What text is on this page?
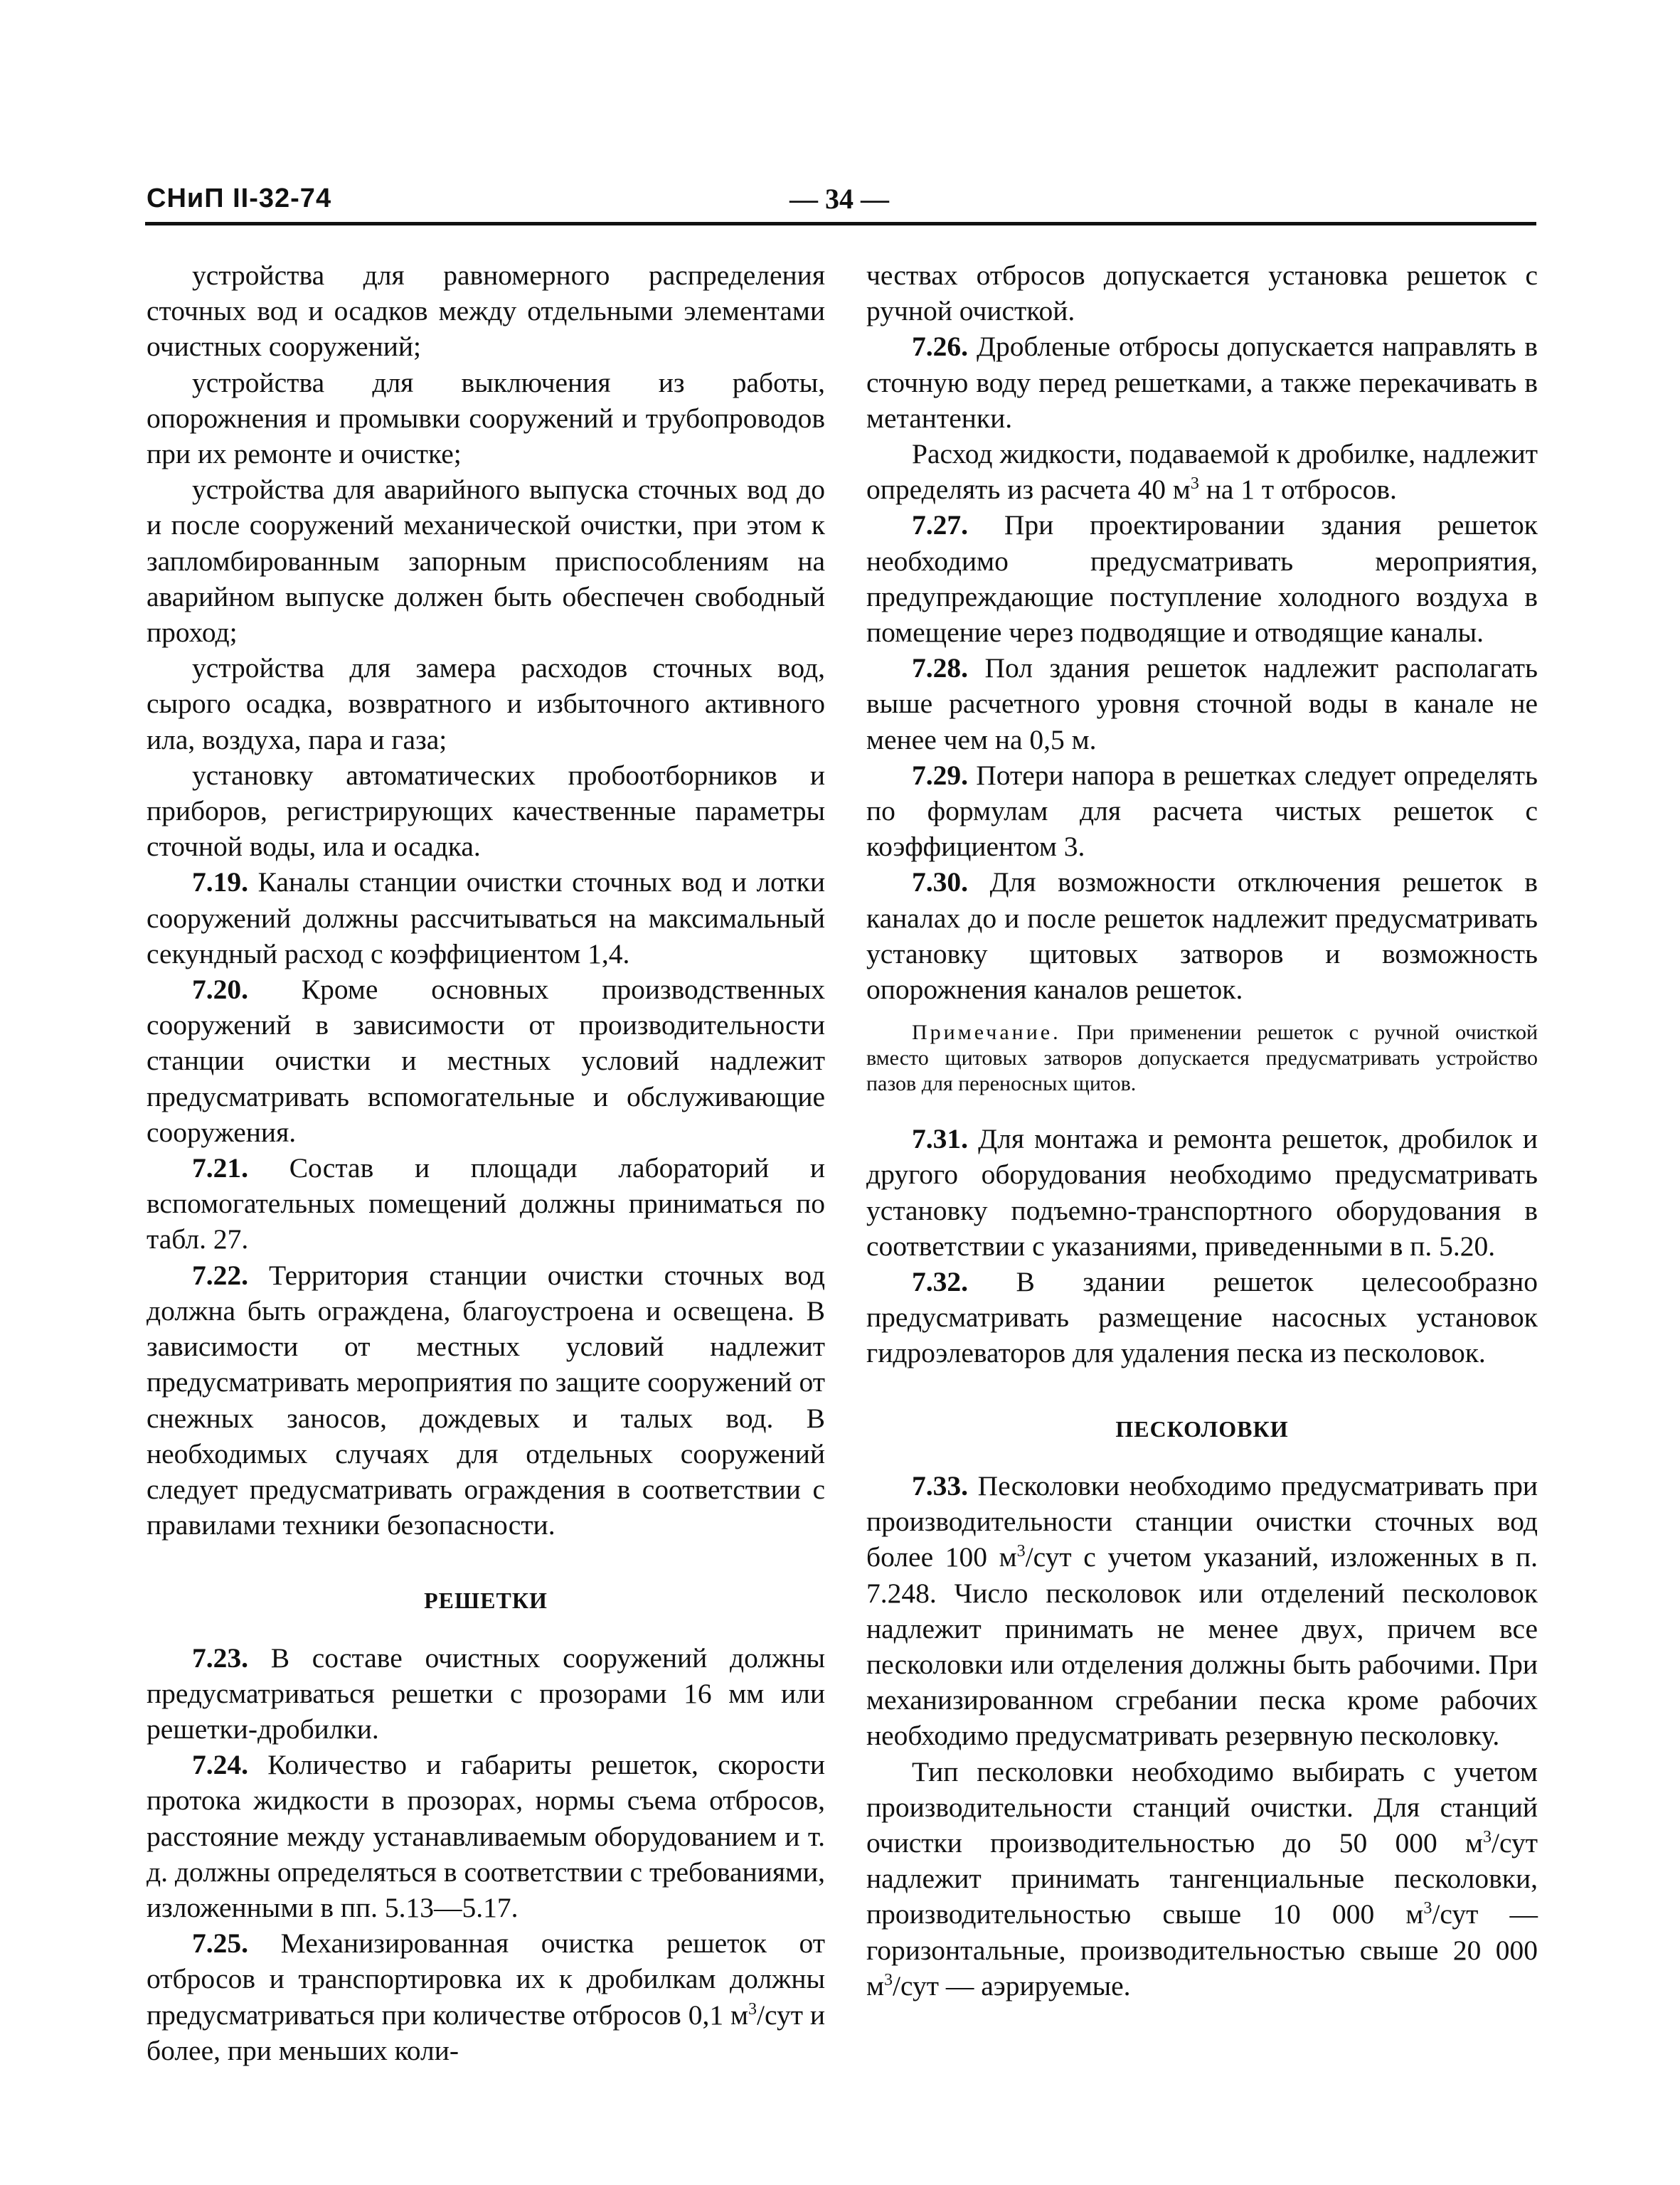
СНиП II-32-74	— 34 —

устройства для равномерного распределения сточных вод и осадков между отдельными элементами очистных сооружений;

устройства для выключения из работы, опорожнения и промывки сооружений и трубопроводов при их ремонте и очистке;

устройства для аварийного выпуска сточных вод до и после сооружений механической очистки, при этом к запломбированным запорным приспособлениям на аварийном выпуске должен быть обеспечен свободный проход;

устройства для замера расходов сточных вод, сырого осадка, возвратного и избыточного активного ила, воздуха, пара и газа;

установку автоматических пробоотборников и приборов, регистрирующих качественные параметры сточной воды, ила и осадка.

7.19. Каналы станции очистки сточных вод и лотки сооружений должны рассчитываться на максимальный секундный расход с коэффициентом 1,4.

7.20. Кроме основных производственных сооружений в зависимости от производительности станции очистки и местных условий надлежит предусматривать вспомогательные и обслуживающие сооружения.

7.21. Состав и площади лабораторий и вспомогательных помещений должны приниматься по табл. 27.

7.22. Территория станции очистки сточных вод должна быть ограждена, благоустроена и освещена. В зависимости от местных условий надлежит предусматривать мероприятия по защите сооружений от снежных заносов, дождевых и талых вод. В необходимых случаях для отдельных сооружений следует предусматривать ограждения в соответствии с правилами техники безопасности.

РЕШЕТКИ

7.23. В составе очистных сооружений должны предусматриваться решетки с прозорами 16 мм или решетки-дробилки.

7.24. Количество и габариты решеток, скорости протока жидкости в прозорах, нормы съема отбросов, расстояние между устанавливаемым оборудованием и т. д. должны определяться в соответствии с требованиями, изложенными в пп. 5.13—5.17.

7.25. Механизированная очистка решеток от отбросов и транспортировка их к дробилкам должны предусматриваться при количестве отбросов 0,1 $м^3$/сут и более, при меньших коли-

чествах отбросов допускается установка решеток с ручной очисткой.

7.26. Дробленые отбросы допускается направлять в сточную воду перед решетками, а также перекачивать в метантенки.

Расход жидкости, подаваемой к дробилке, надлежит определять из расчета 40 $м^3$ на 1 т отбросов.

7.27. При проектировании здания решеток необходимо предусматривать мероприятия, предупреждающие поступление холодного воздуха в помещение через подводящие и отводящие каналы.

7.28. Пол здания решеток надлежит располагать выше расчетного уровня сточной воды в канале не менее чем на 0,5 м.

7.29. Потери напора в решетках следует определять по формулам для расчета чистых решеток с коэффициентом 3.

7.30. Для возможности отключения решеток в каналах до и после решеток надлежит предусматривать установку щитовых затворов и возможность опорожнения каналов решеток.

Примечание. При применении решеток с ручной очисткой вместо щитовых затворов допускается предусматривать устройство пазов для переносных щитов.

7.31. Для монтажа и ремонта решеток, дробилок и другого оборудования необходимо предусматривать установку подъемно-транспортного оборудования в соответствии с указаниями, приведенными в п. 5.20.

7.32. В здании решеток целесообразно предусматривать размещение насосных установок гидроэлеваторов для удаления песка из песколовок.

ПЕСКОЛОВКИ

7.33. Песколовки необходимо предусматривать при производительности станции очистки сточных вод более 100 $м^3$/сут с учетом указаний, изложенных в п. 7.248. Число песколовок или отделений песколовок надлежит принимать не менее двух, причем все песколовки или отделения должны быть рабочими. При механизированном сгребании песка кроме рабочих необходимо предусматривать резервную песколовку.

Тип песколовки необходимо выбирать с учетом производительности станций очистки. Для станций очистки производительностью до 50 000 $м^3$/сут надлежит принимать тангенциальные песколовки, производительностью свыше 10 000 $м^3$/сут — горизонтальные, производительностью свыше 20 000 $м^3$/сут — аэрируемые.
